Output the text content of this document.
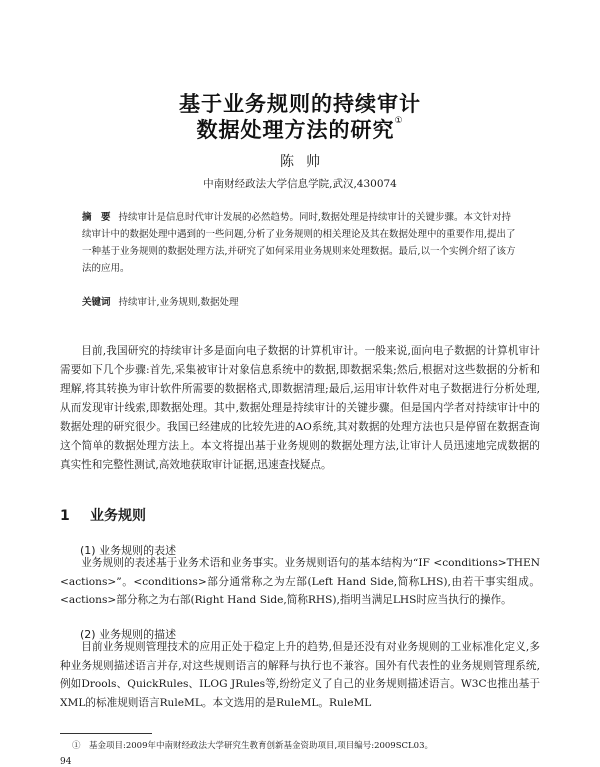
基于业务规则的持续审计
数据处理方法的研究①
陈帅
中南财经政法大学信息学院,武汉,430074

摘　要 持续审计是信息时代审计发展的必然趋势。同时,数据处理是持续审计的关键步骤。本文针对持续审计中的数据处理中遇到的一些问题,分析了业务规则的相关理论及其在数据处理中的重要作用,提出了一种基于业务规则的数据处理方法,并研究了如何采用业务规则来处理数据。最后,以一个实例介绍了该方法的应用。

关键词 持续审计,业务规则,数据处理

目前,我国研究的持续审计多是面向电子数据的计算机审计。一般来说,面向电子数据的计算机审计需要如下几个步骤:首先,采集被审计对象信息系统中的数据,即数据采集;然后,根据对这些数据的分析和理解,将其转换为审计软件所需要的数据格式,即数据清理;最后,运用审计软件对电子数据进行分析处理,从而发现审计线索,即数据处理。其中,数据处理是持续审计的关键步骤。但是国内学者对持续审计中的数据处理的研究很少。我国已经建成的比较先进的AO系统,其对数据的处理方法也只是停留在数据查询这个简单的数据处理方法上。本文将提出基于业务规则的数据处理方法,让审计人员迅速地完成数据的真实性和完整性测试,高效地获取审计证据,迅速查找疑点。

1 业务规则
(1) 业务规则的表述

业务规则的表述基于业务术语和业务事实。业务规则语句的基本结构为“IF <conditions>THEN <actions>”。<conditions>部分通常称之为左部(Left Hand Side,简称LHS),由若干事实组成。<actions>部分称之为右部(Right Hand Side,简称RHS),指明当满足LHS时应当执行的操作。

(2) 业务规则的描述

目前业务规则管理技术的应用正处于稳定上升的趋势,但是还没有对业务规则的工业标准化定义,多种业务规则描述语言并存,对这些规则语言的解释与执行也不兼容。国外有代表性的业务规则管理系统,例如Drools、QuickRules、ILOG JRules等,纷纷定义了自己的业务规则描述语言。W3C也推出基于XML的标准规则语言RuleML。本文选用的是RuleML。RuleML

①　基金项目:2009年中南财经政法大学研究生教育创新基金资助项目,项目编号:2009SCL03。

94
